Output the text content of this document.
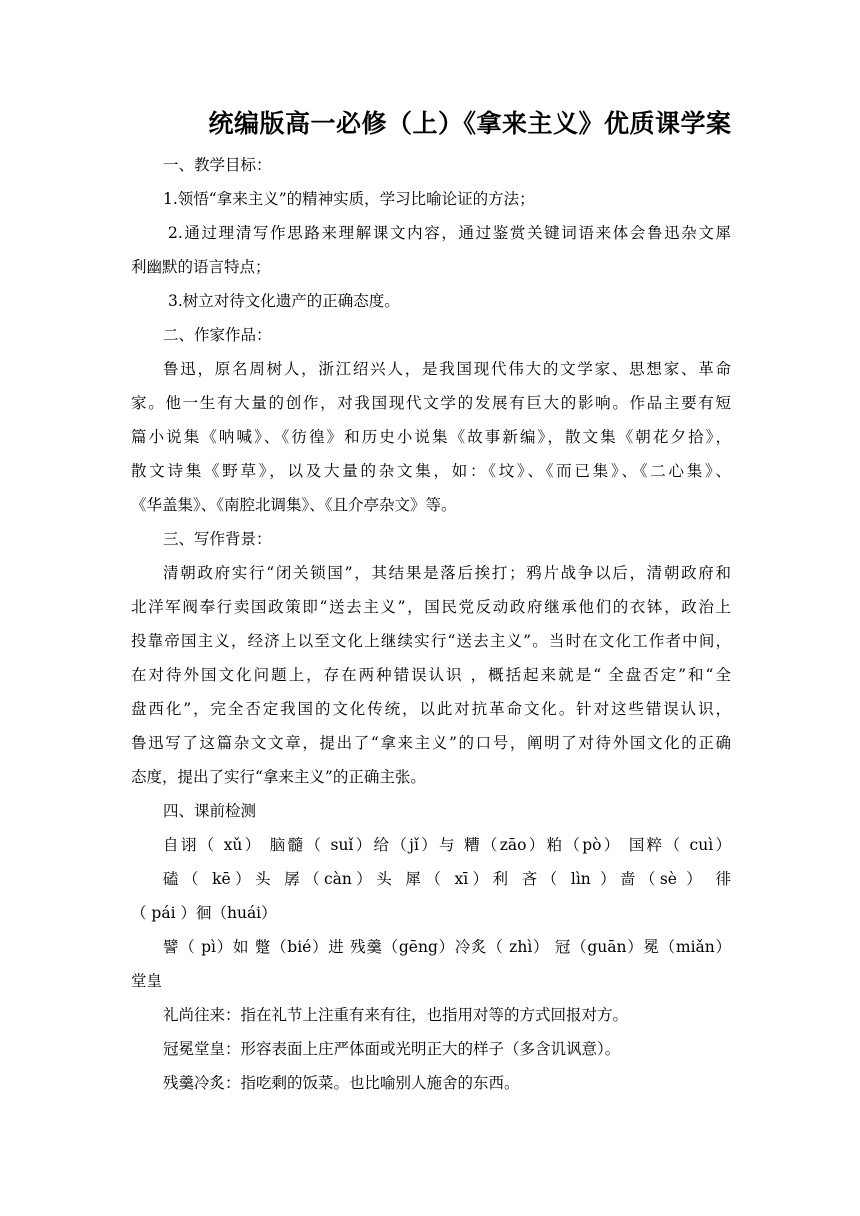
统编版高一必修（上）《拿来主义》优质课学案
一、教学目标：
1.领悟“拿来主义”的精神实质，学习比喻论证的方法；
2.通过理清写作思路来理解课文内容，通过鉴赏关键词语来体会鲁迅杂文犀
利幽默的语言特点；
3.树立对待文化遗产的正确态度。
二、作家作品：
鲁迅，原名周树人，浙江绍兴人，是我国现代伟大的文学家、思想家、革命
家。他一生有大量的创作，对我国现代文学的发展有巨大的影响。作品主要有短
篇小说集《呐喊》、《彷徨》和历史小说集《故事新编》，散文集《朝花夕拾》，
散文诗集《野草》，以及大量的杂文集，如：《坟》、《而已集》、《二心集》、
《华盖集》、《南腔北调集》、《且介亭杂文》等。
三、写作背景：
清朝政府实行“闭关锁国”，其结果是落后挨打；鸦片战争以后，清朝政府和
北洋军阀奉行卖国政策即“送去主义”，国民党反动政府继承他们的衣钵，政治上
投靠帝国主义，经济上以至文化上继续实行“送去主义”。当时在文化工作者中间，
在对待外国文化问题上，存在两种错误认识 ，概括起来就是“ 全盘否定”和“全
盘西化”，完全否定我国的文化传统，以此对抗革命文化。针对这些错误认识，
鲁迅写了这篇杂文文章，提出了“拿来主义”的口号，阐明了对待外国文化的正确
态度，提出了实行“拿来主义”的正确主张。
四、课前检测
自诩（ xǔ） 脑髓（ suǐ）给（jǐ）与 糟（zāo）粕（pò） 国粹（ cuì）
磕（ kē）头 孱（càn）头 犀（ xī）利 吝（ lìn ）啬（sè ） 徘
（ pái ）徊（huái）
譬（ pì）如 蹩（bié）进 残羹（gēng）冷炙（ zhì） 冠（guān）冕（miǎn）
堂皇
礼尚往来：指在礼节上注重有来有往，也指用对等的方式回报对方。
冠冕堂皇：形容表面上庄严体面或光明正大的样子（多含讥讽意）。
残羹冷炙：指吃剩的饭菜。也比喻别人施舍的东西。
